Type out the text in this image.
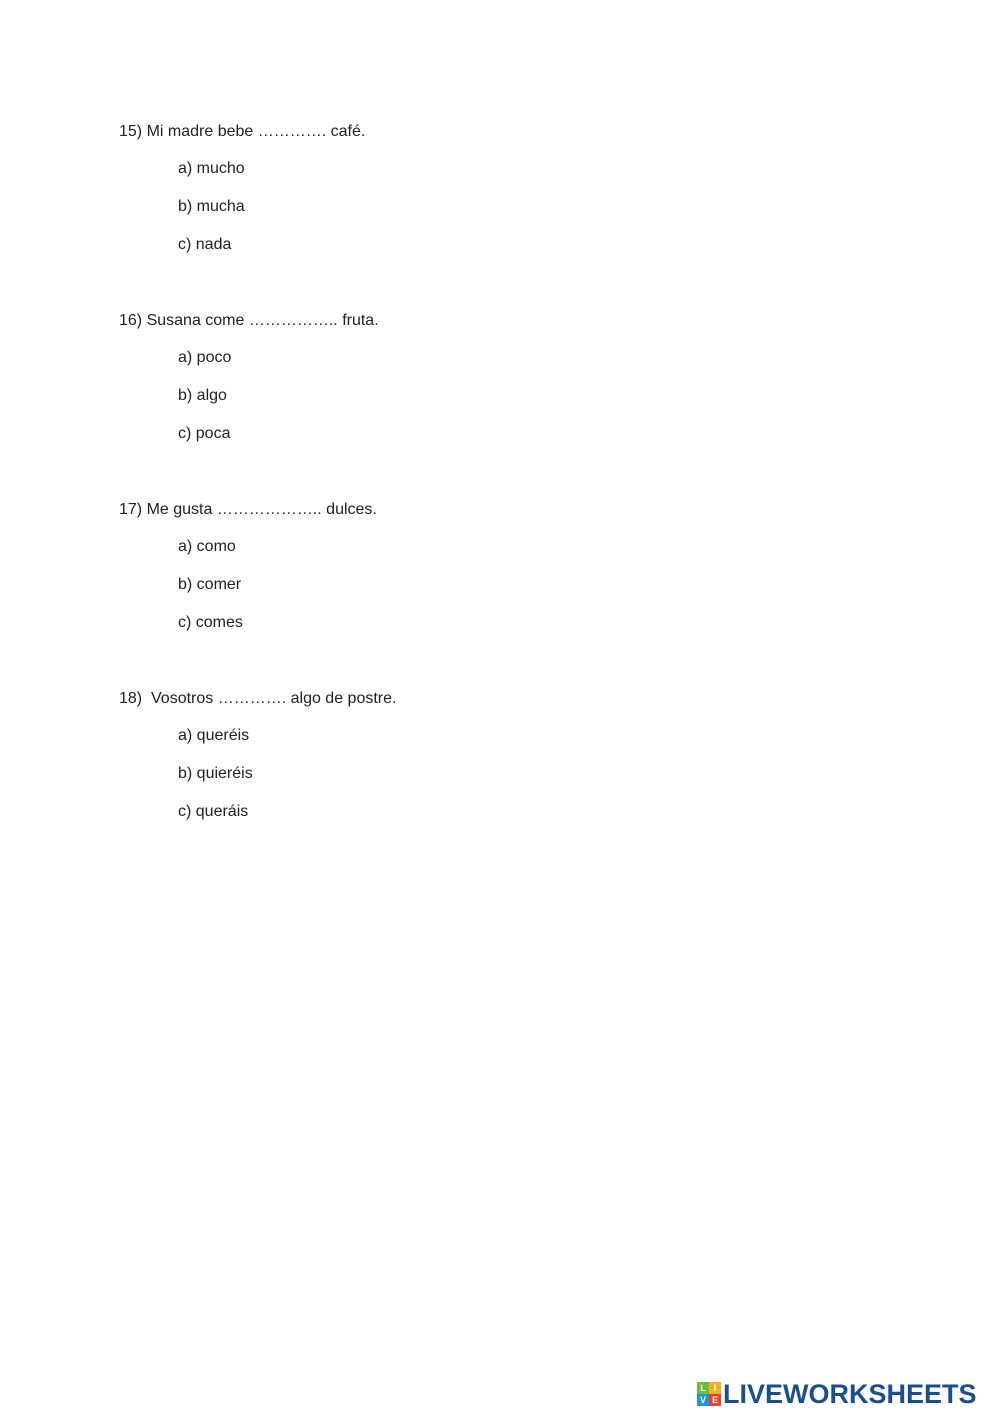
15) Mi madre bebe …………. café.

a) mucho
b) mucha
c) nada

16) Susana come …………….. fruta.

a) poco
b) algo
c) poca

17) Me gusta ……………….. dulces.

a) como
b) comer
c) comes

18)  Vosotros …………. algo de postre.

a) queréis
b) quieréis
c) queráis
L I
V E LIVEWORKSHEETS
